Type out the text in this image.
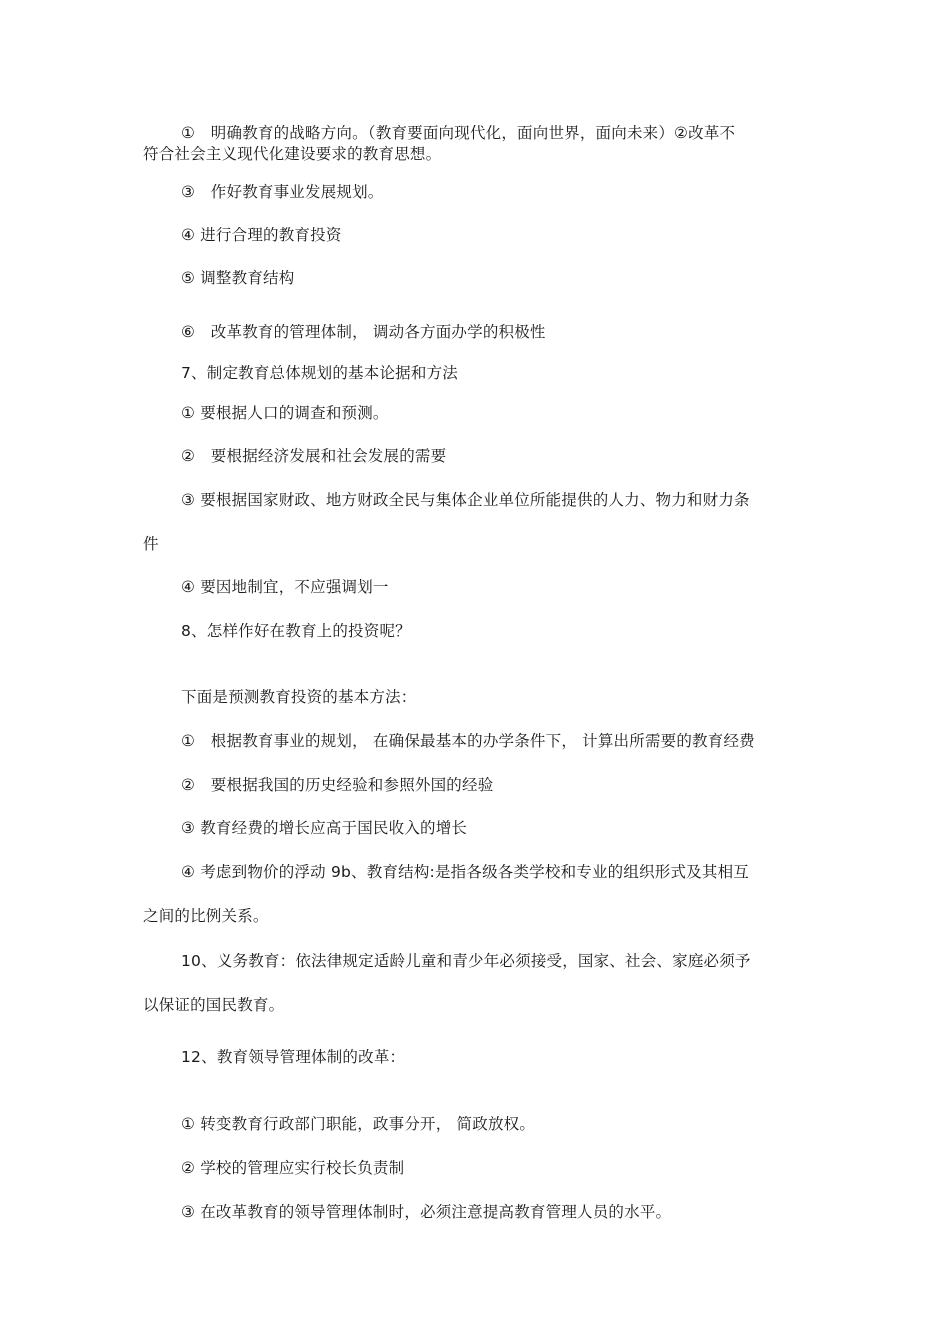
①　明确教育的战略方向。（教育要面向现代化，面向世界，面向未来）②改革不
符合社会主义现代化建设要求的教育思想。
③　作好教育事业发展规划。
④ 进行合理的教育投资
⑤ 调整教育结构
⑥　改革教育的管理体制， 调动各方面办学的积极性
7、制定教育总体规划的基本论据和方法
① 要根据人口的调查和预测。
②　要根据经济发展和社会发展的需要
③ 要根据国家财政、地方财政全民与集体企业单位所能提供的人力、物力和财力条
件
④ 要因地制宜，不应强调划一
8、怎样作好在教育上的投资呢？
下面是预测教育投资的基本方法：
①　根据教育事业的规划， 在确保最基本的办学条件下， 计算出所需要的教育经费
②　要根据我国的历史经验和参照外国的经验
③ 教育经费的增长应高于国民收入的增长
④ 考虑到物价的浮动 9b、教育结构:是指各级各类学校和专业的组织形式及其相互
之间的比例关系。
10、义务教育：依法律规定适龄儿童和青少年必须接受，国家、社会、家庭必须予
以保证的国民教育。
12、教育领导管理体制的改革：
① 转变教育行政部门职能，政事分开， 简政放权。
② 学校的管理应实行校长负责制
③ 在改革教育的领导管理体制时，必须注意提高教育管理人员的水平。
